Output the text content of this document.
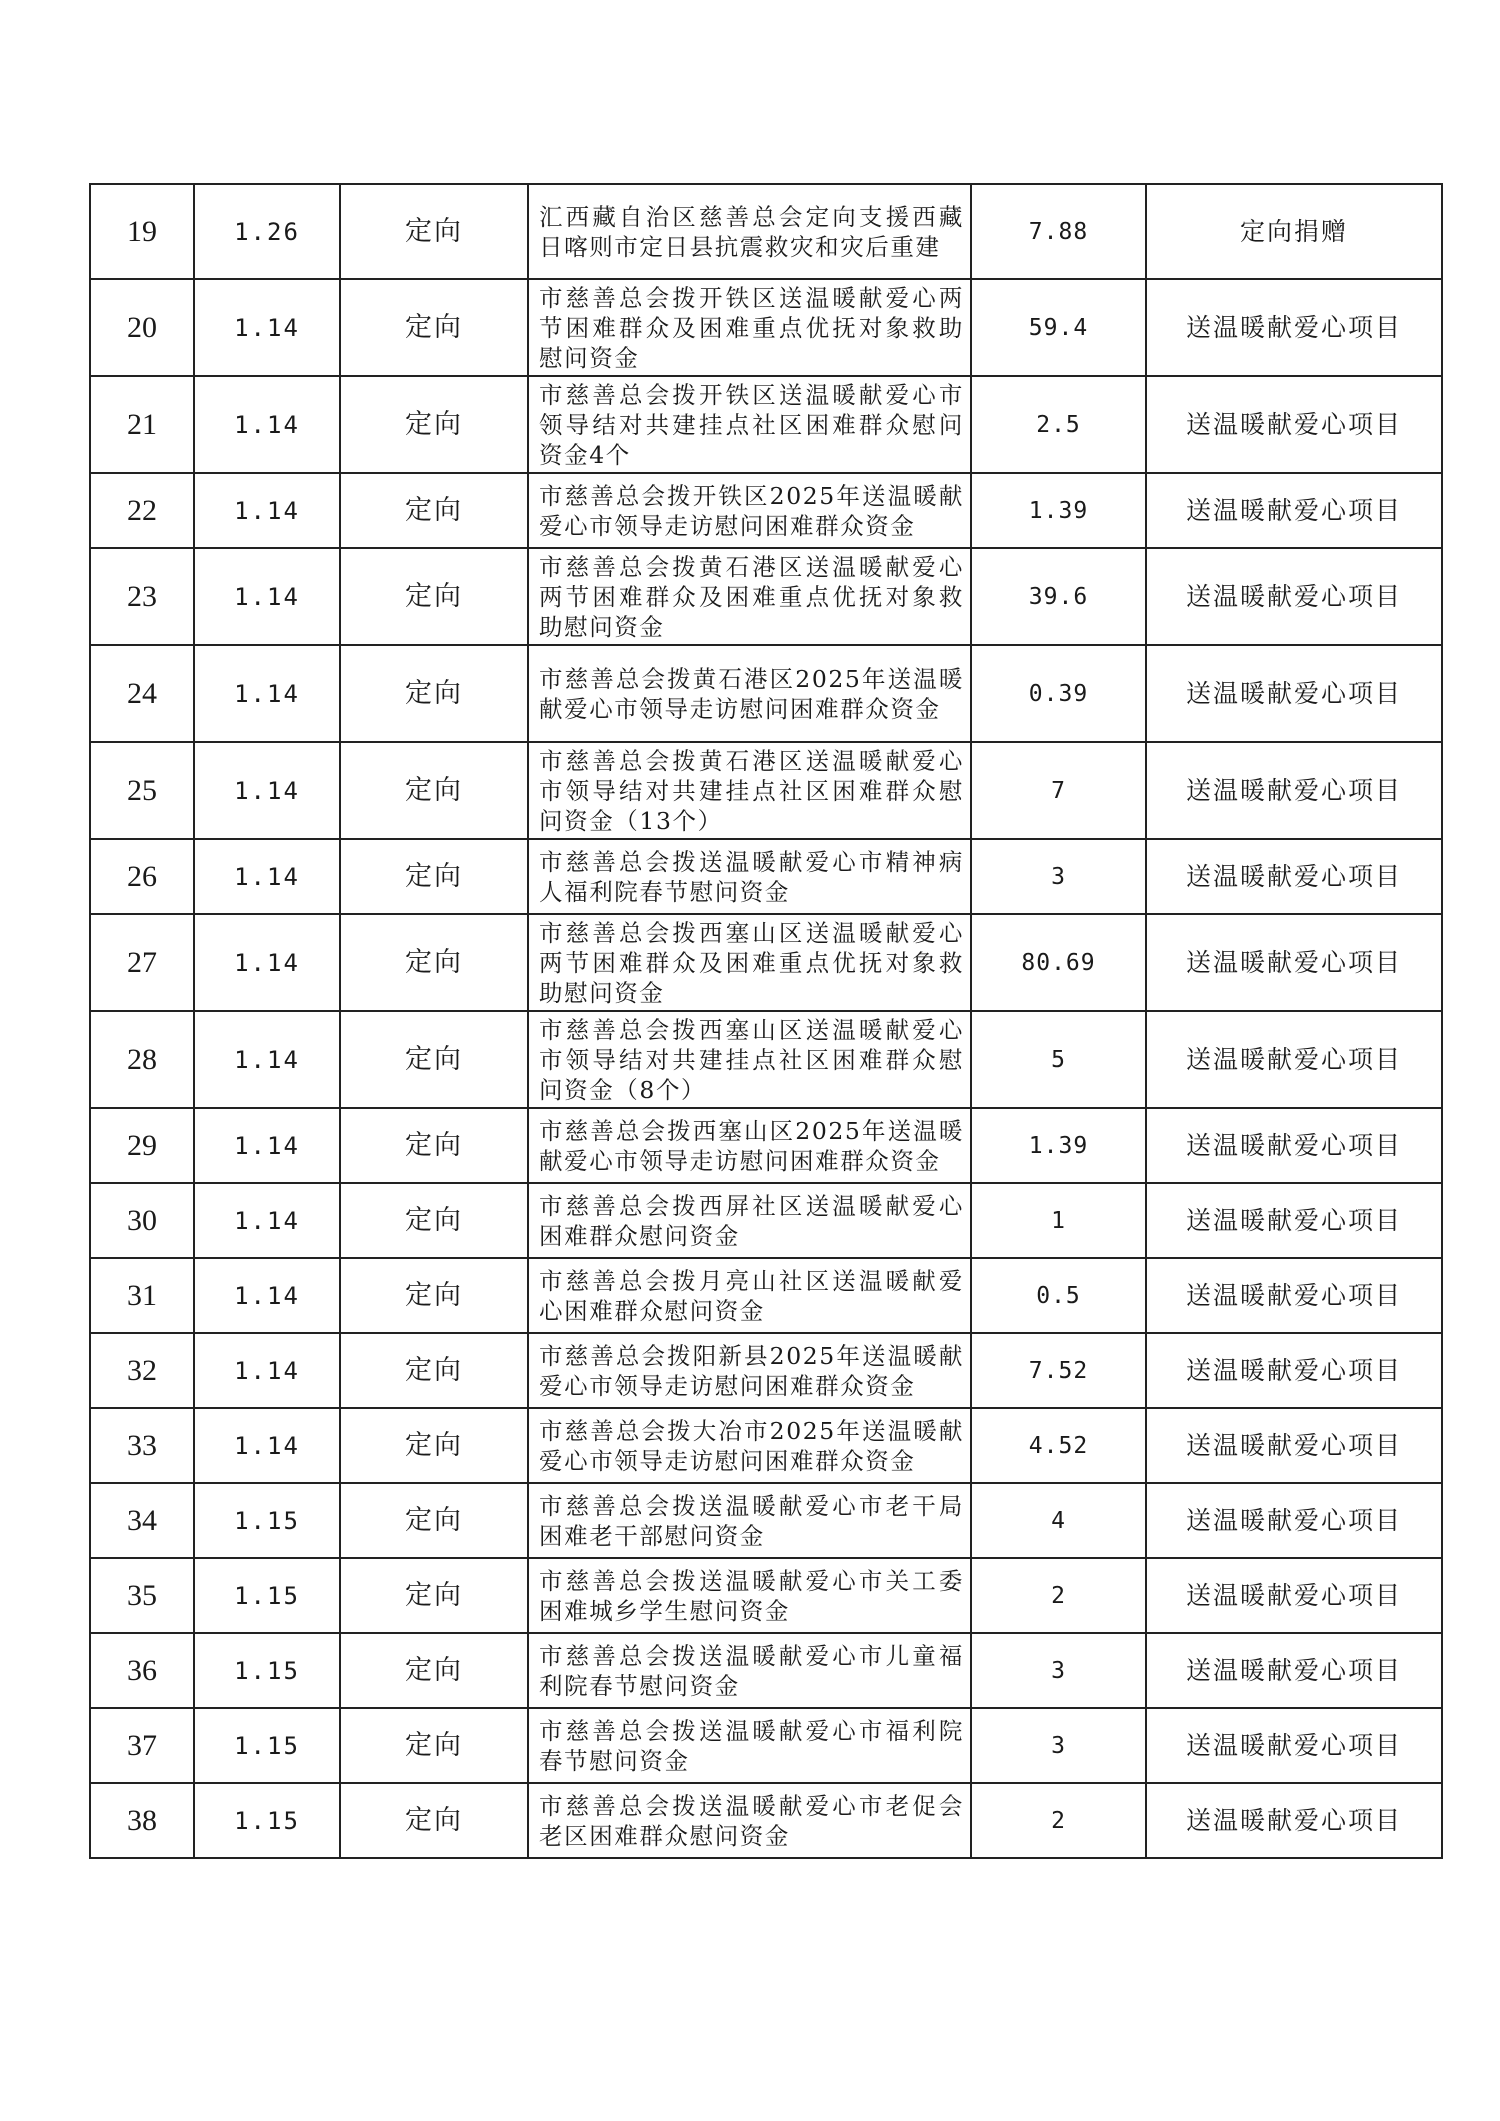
19	1.26	定向	汇西藏自治区慈善总会定向支援西藏日喀则市定日县抗震救灾和灾后重建	7.88	定向捐赠
20	1.14	定向	市慈善总会拨开铁区送温暖献爱心两节困难群众及困难重点优抚对象救助慰问资金	59.4	送温暖献爱心项目
21	1.14	定向	市慈善总会拨开铁区送温暖献爱心市领导结对共建挂点社区困难群众慰问资金4个	2.5	送温暖献爱心项目
22	1.14	定向	市慈善总会拨开铁区2025年送温暖献爱心市领导走访慰问困难群众资金	1.39	送温暖献爱心项目
23	1.14	定向	市慈善总会拨黄石港区送温暖献爱心两节困难群众及困难重点优抚对象救助慰问资金	39.6	送温暖献爱心项目
24	1.14	定向	市慈善总会拨黄石港区2025年送温暖献爱心市领导走访慰问困难群众资金	0.39	送温暖献爱心项目
25	1.14	定向	市慈善总会拨黄石港区送温暖献爱心市领导结对共建挂点社区困难群众慰问资金（13个）	7	送温暖献爱心项目
26	1.14	定向	市慈善总会拨送温暖献爱心市精神病人福利院春节慰问资金	3	送温暖献爱心项目
27	1.14	定向	市慈善总会拨西塞山区送温暖献爱心两节困难群众及困难重点优抚对象救助慰问资金	80.69	送温暖献爱心项目
28	1.14	定向	市慈善总会拨西塞山区送温暖献爱心市领导结对共建挂点社区困难群众慰问资金（8个）	5	送温暖献爱心项目
29	1.14	定向	市慈善总会拨西塞山区2025年送温暖献爱心市领导走访慰问困难群众资金	1.39	送温暖献爱心项目
30	1.14	定向	市慈善总会拨西屏社区送温暖献爱心困难群众慰问资金	1	送温暖献爱心项目
31	1.14	定向	市慈善总会拨月亮山社区送温暖献爱心困难群众慰问资金	0.5	送温暖献爱心项目
32	1.14	定向	市慈善总会拨阳新县2025年送温暖献爱心市领导走访慰问困难群众资金	7.52	送温暖献爱心项目
33	1.14	定向	市慈善总会拨大冶市2025年送温暖献爱心市领导走访慰问困难群众资金	4.52	送温暖献爱心项目
34	1.15	定向	市慈善总会拨送温暖献爱心市老干局困难老干部慰问资金	4	送温暖献爱心项目
35	1.15	定向	市慈善总会拨送温暖献爱心市关工委困难城乡学生慰问资金	2	送温暖献爱心项目
36	1.15	定向	市慈善总会拨送温暖献爱心市儿童福利院春节慰问资金	3	送温暖献爱心项目
37	1.15	定向	市慈善总会拨送温暖献爱心市福利院春节慰问资金	3	送温暖献爱心项目
38	1.15	定向	市慈善总会拨送温暖献爱心市老促会老区困难群众慰问资金	2	送温暖献爱心项目
